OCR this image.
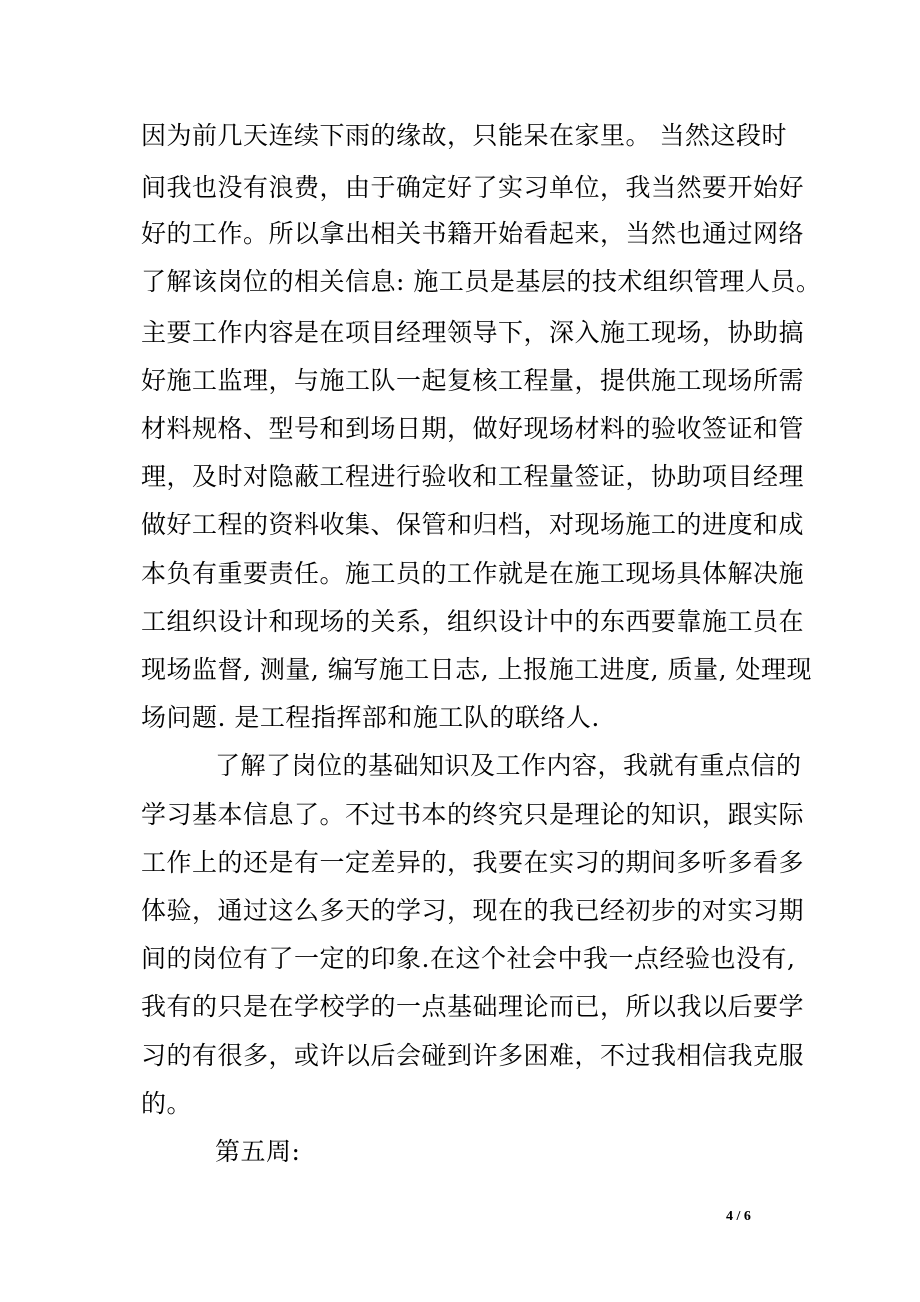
因为前几天连续下雨的缘故，只能呆在家里。 当然这段时
间我也没有浪费，由于确定好了实习单位，我当然要开始好
好的工作。所以拿出相关书籍开始看起来，当然也通过网络
了解该岗位的相关信息: 施工员是基层的技术组织管理人员。
主要工作内容是在项目经理领导下，深入施工现场，协助搞
好施工监理，与施工队一起复核工程量，提供施工现场所需
材料规格、型号和到场日期，做好现场材料的验收签证和管
理，及时对隐蔽工程进行验收和工程量签证，协助项目经理
做好工程的资料收集、保管和归档，对现场施工的进度和成
本负有重要责任。施工员的工作就是在施工现场具体解决施
工组织设计和现场的关系，组织设计中的东西要靠施工员在
现场监督, 测量, 编写施工日志, 上报施工进度, 质量, 处理现
场问题. 是工程指挥部和施工队的联络人.
了解了岗位的基础知识及工作内容，我就有重点信的
学习基本信息了。不过书本的终究只是理论的知识，跟实际
工作上的还是有一定差异的，我要在实习的期间多听多看多
体验，通过这么多天的学习，现在的我已经初步的对实习期
间的岗位有了一定的印象.在这个社会中我一点经验也没有,
我有的只是在学校学的一点基础理论而已，所以我以后要学
习的有很多，或许以后会碰到许多困难，不过我相信我克服
的。
第五周:
4 / 6
